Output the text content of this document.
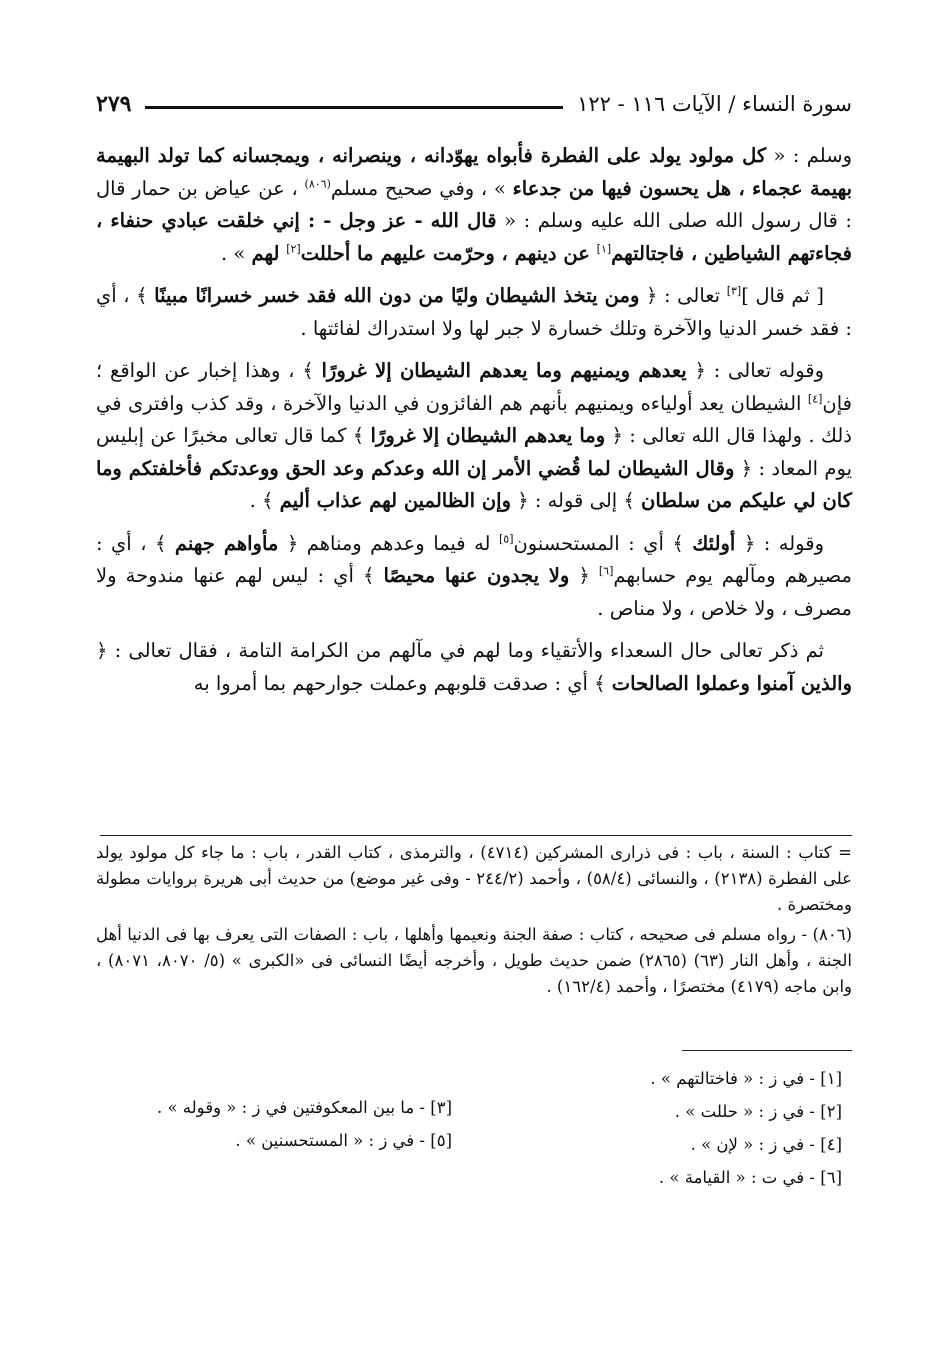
٢٧٩	سورة النساء / الآيات ١١٦ - ١٢٢

وسلم : « كل مولود يولد على الفطرة فأبواه يهوّدانه ، وينصرانه ، ويمجسانه كما تولد البهيمة بهيمة عجماء ، هل يحسون فيها من جدعاء » ، وفي صحيح مسلم$^{(٨٠٦)}$ ، عن عياض بن حمار قال : قال رسول الله صلى الله عليه وسلم : « قال الله - عز وجل - : إني خلقت عبادي حنفاء ، فجاءتهم الشياطين ، فاجتالتهم[١] عن دينهم ، وحرّمت عليهم ما أحللت[٢] لهم » .

[ ثم قال ][٣] تعالى : ﴿ ومن يتخذ الشيطان وليًا من دون الله فقد خسر خسرانًا مبينًا ﴾ ، أي : فقد خسر الدنيا والآخرة وتلك خسارة لا جبر لها ولا استدراك لفائتها .

وقوله تعالى : ﴿ يعدهم ويمنيهم وما يعدهم الشيطان إلا غرورًا ﴾ ، وهذا إخبار عن الواقع ؛ فإن[٤] الشيطان يعد أولياءه ويمنيهم بأنهم هم الفائزون في الدنيا والآخرة ، وقد كذب وافترى في ذلك . ولهذا قال الله تعالى : ﴿ وما يعدهم الشيطان إلا غرورًا ﴾ كما قال تعالى مخبرًا عن إبليس يوم المعاد : ﴿ وقال الشيطان لما قُضي الأمر إن الله وعدكم وعد الحق ووعدتكم فأخلفتكم وما كان لي عليكم من سلطان ﴾ إلى قوله : ﴿ وإن الظالمين لهم عذاب أليم ﴾ .

وقوله : ﴿ أولئك ﴾ أي : المستحسنون[٥] له فيما وعدهم ومناهم ﴿ مأواهم جهنم ﴾ ، أي : مصيرهم ومآلهم يوم حسابهم[٦] ﴿ ولا يجدون عنها محيصًا ﴾ أي : ليس لهم عنها مندوحة ولا مصرف ، ولا خلاص ، ولا مناص .

ثم ذكر تعالى حال السعداء والأتقياء وما لهم في مآلهم من الكرامة التامة ، فقال تعالى : ﴿ والذين آمنوا وعملوا الصالحات ﴾ أي : صدقت قلوبهم وعملت جوارحهم بما أمروا به

= كتاب : السنة ، باب : فى ذرارى المشركين (٤٧١٤) ، والترمذى ، كتاب القدر ، باب : ما جاء كل مولود يولد على الفطرة (٢١٣٨) ، والنسائى (٥٨/٤) ، وأحمد (٢٤٤/٢ - وفى غير موضع) من حديث أبى هريرة بروايات مطولة ومختصرة .

(٨٠٦) - رواه مسلم فى صحيحه ، كتاب : صفة الجنة ونعيمها وأهلها ، باب : الصفات التى يعرف بها فى الدنيا أهل الجنة ، وأهل النار (٦٣) (٢٨٦٥) ضمن حديث طويل ، وأخرجه أيضًا النسائى فى «الكبرى » (٥/ ٨٠٧٠، ٨٠٧١) ، وابن ماجه (٤١٧٩) مختصرًا ، وأحمد (١٦٢/٤) .

[١] - في ز : « فاختالتهم » .
[٢] - في ز : « حللت » .
[٤] - في ز : « لإن » .
[٦] - في ت : « القيامة » .
[٣] - ما بين المعكوفتين في ز : « وقوله » .
[٥] - في ز : « المستحسنين » .
